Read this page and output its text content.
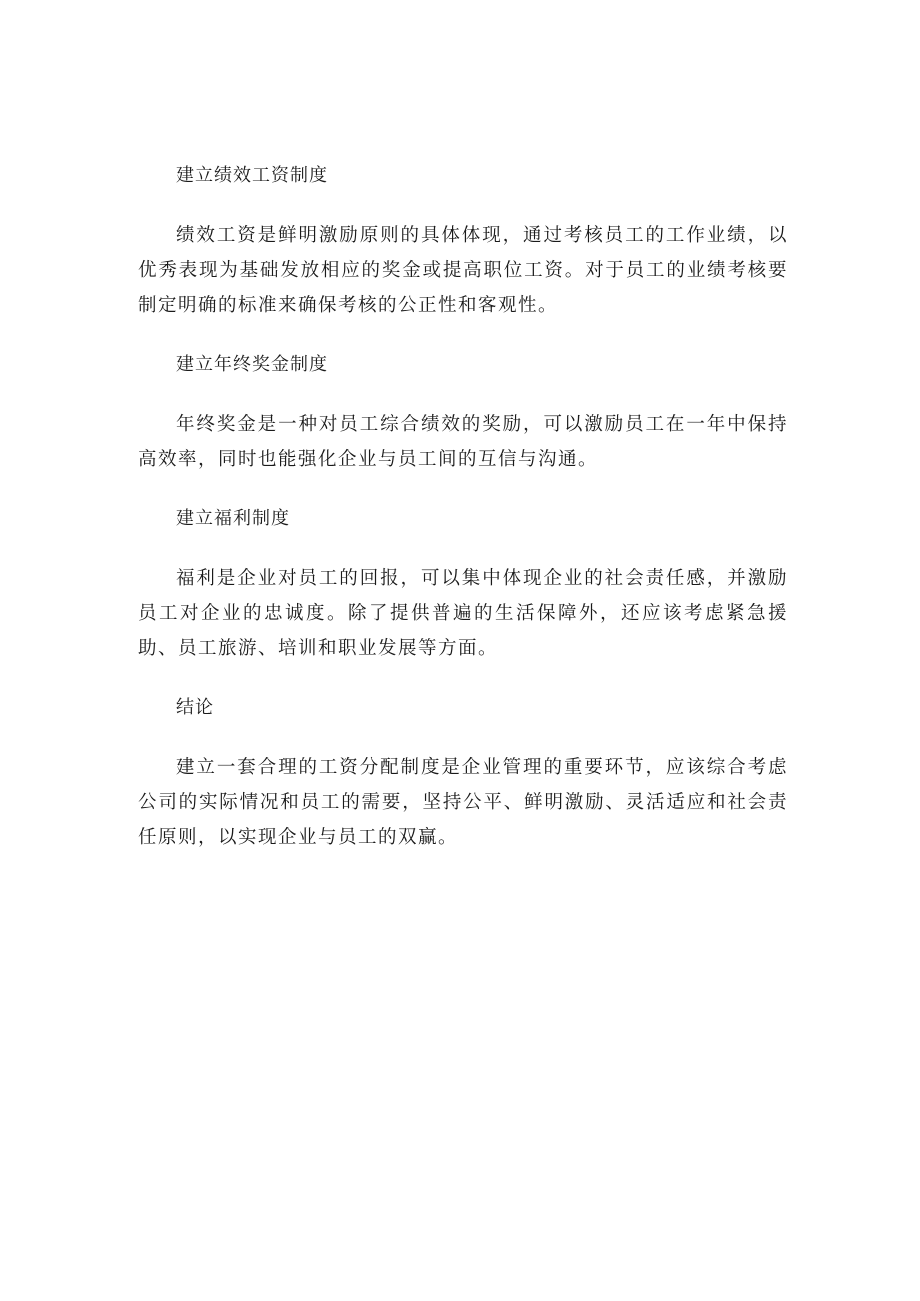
建立绩效工资制度

绩效工资是鲜明激励原则的具体体现，通过考核员工的工作业绩，以优秀表现为基础发放相应的奖金或提高职位工资。对于员工的业绩考核要制定明确的标准来确保考核的公正性和客观性。

建立年终奖金制度

年终奖金是一种对员工综合绩效的奖励，可以激励员工在一年中保持高效率，同时也能强化企业与员工间的互信与沟通。

建立福利制度

福利是企业对员工的回报，可以集中体现企业的社会责任感，并激励员工对企业的忠诚度。除了提供普遍的生活保障外，还应该考虑紧急援助、员工旅游、培训和职业发展等方面。

结论

建立一套合理的工资分配制度是企业管理的重要环节，应该综合考虑公司的实际情况和员工的需要，坚持公平、鲜明激励、灵活适应和社会责任原则，以实现企业与员工的双赢。
